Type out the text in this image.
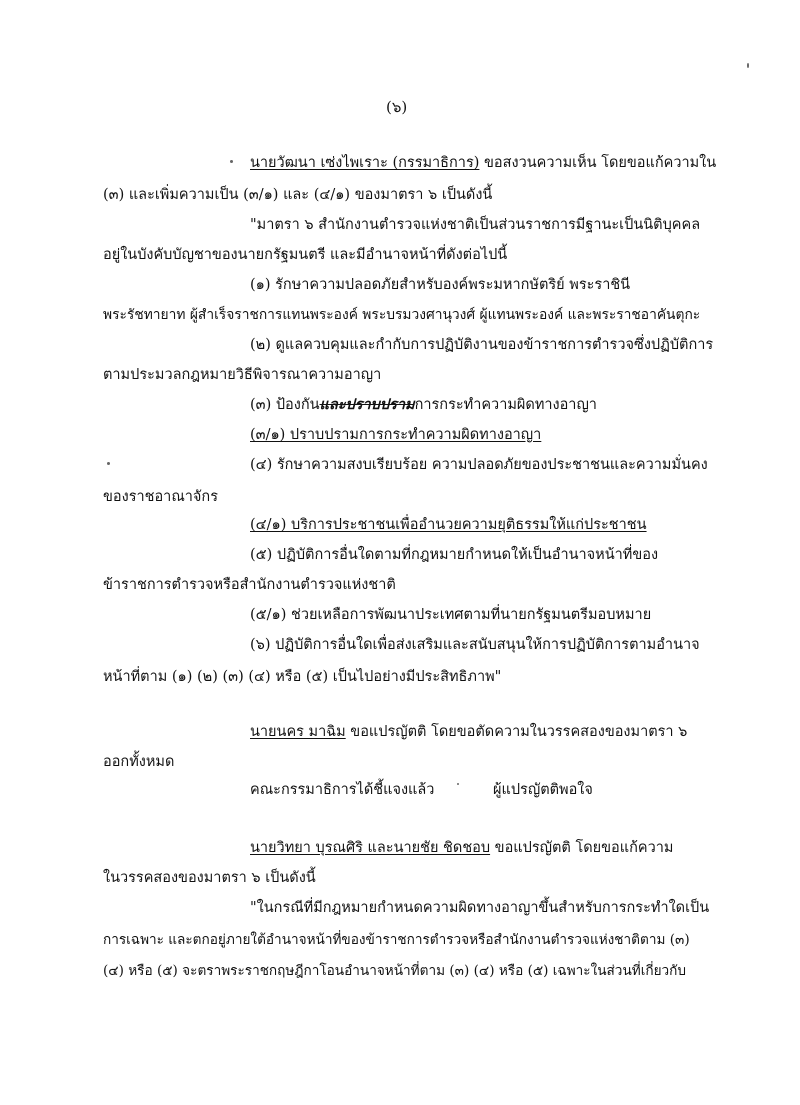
(๖)
นายวัฒนา เซ่งไพเราะ (กรรมาธิการ) ขอสงวนความเห็น โดยขอแก้ความใน
(๓) และเพิ่มความเป็น (๓/๑) และ (๔/๑) ของมาตรา ๖ เป็นดังนี้
"มาตรา ๖ สำนักงานตำรวจแห่งชาติเป็นส่วนราชการมีฐานะเป็นนิติบุคคล
อยู่ในบังคับบัญชาของนายกรัฐมนตรี และมีอำนาจหน้าที่ดังต่อไปนี้
(๑) รักษาความปลอดภัยสำหรับองค์พระมหากษัตริย์ พระราชินี
พระรัชทายาท ผู้สำเร็จราชการแทนพระองค์ พระบรมวงศานุวงศ์ ผู้แทนพระองค์ และพระราชอาคันตุกะ
(๒) ดูแลควบคุมและกำกับการปฏิบัติงานของข้าราชการตำรวจซึ่งปฏิบัติการ
ตามประมวลกฎหมายวิธีพิจารณาความอาญา
(๓) ป้องกันและปราบปรามการกระทำความผิดทางอาญา
(๓/๑) ปราบปรามการกระทำความผิดทางอาญา
(๔) รักษาความสงบเรียบร้อย ความปลอดภัยของประชาชนและความมั่นคง
ของราชอาณาจักร
(๔/๑) บริการประชาชนเพื่ออำนวยความยุติธรรมให้แก่ประชาชน
(๕) ปฏิบัติการอื่นใดตามที่กฎหมายกำหนดให้เป็นอำนาจหน้าที่ของ
ข้าราชการตำรวจหรือสำนักงานตำรวจแห่งชาติ
(๕/๑) ช่วยเหลือการพัฒนาประเทศตามที่นายกรัฐมนตรีมอบหมาย
(๖) ปฏิบัติการอื่นใดเพื่อส่งเสริมและสนับสนุนให้การปฏิบัติการตามอำนาจ
หน้าที่ตาม (๑) (๒) (๓) (๔) หรือ (๕) เป็นไปอย่างมีประสิทธิภาพ"
นายนคร มาฉิม ขอแปรญัตติ โดยขอตัดความในวรรคสองของมาตรา ๖
ออกทั้งหมด
คณะกรรมาธิการได้ชี้แจงแล้ว	ผู้แปรญัตติพอใจ
นายวิทยา บุรณศิริ และนายชัย ชิดชอบ ขอแปรญัตติ โดยขอแก้ความ
ในวรรคสองของมาตรา ๖ เป็นดังนี้
"ในกรณีที่มีกฎหมายกำหนดความผิดทางอาญาขึ้นสำหรับการกระทำใดเป็น
การเฉพาะ และตกอยู่ภายใต้อำนาจหน้าที่ของข้าราชการตำรวจหรือสำนักงานตำรวจแห่งชาติตาม (๓)
(๔) หรือ (๕) จะตราพระราชกฤษฎีกาโอนอำนาจหน้าที่ตาม (๓) (๔) หรือ (๕) เฉพาะในส่วนที่เกี่ยวกับ
